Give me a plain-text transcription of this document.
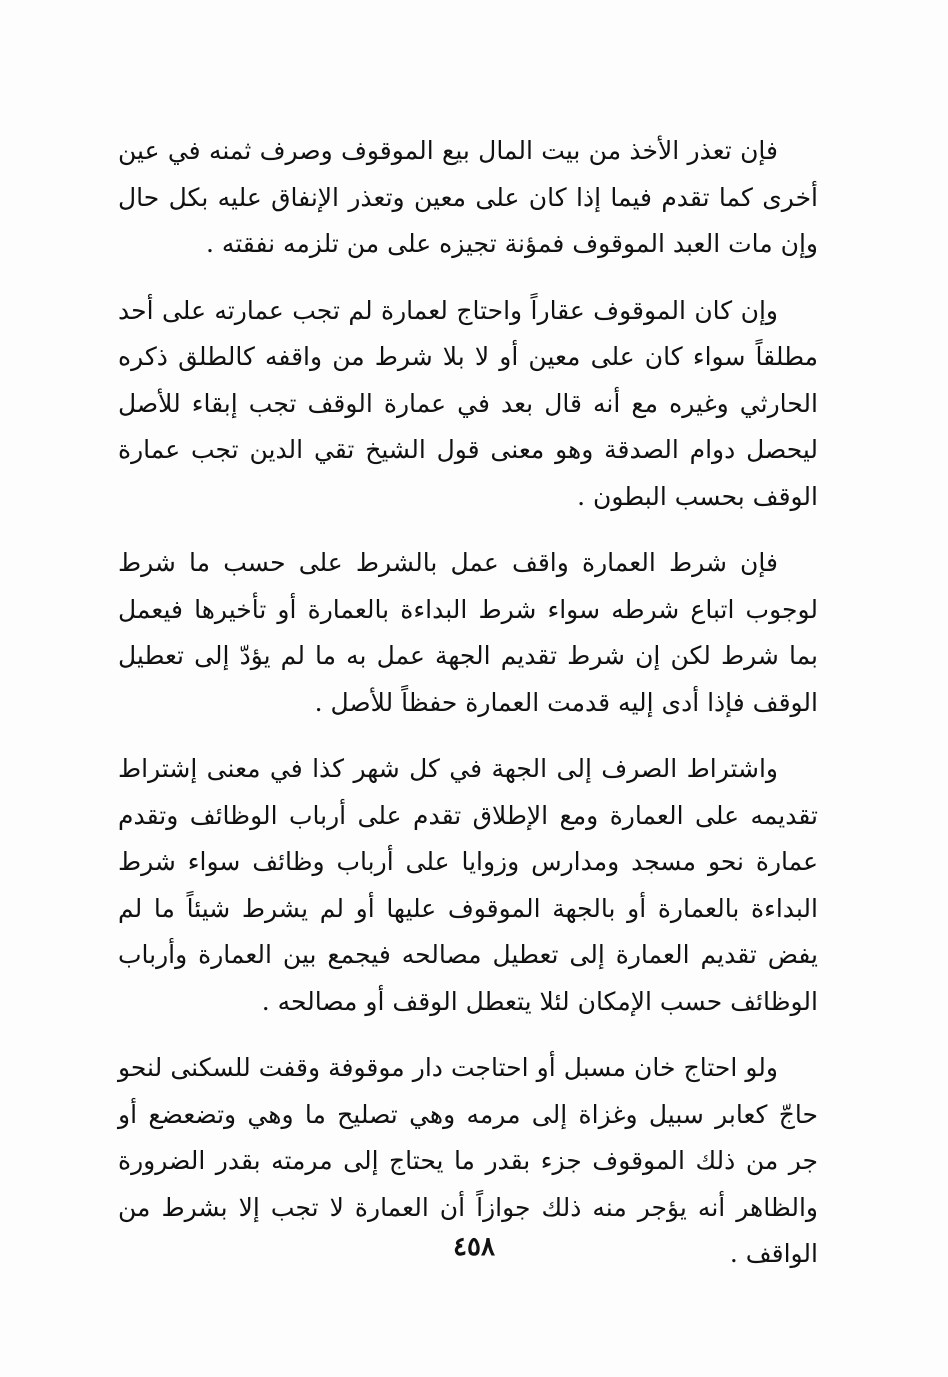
فإن تعذر الأخذ من بيت المال بيع الموقوف وصرف ثمنه في عين أخرى كما تقدم فيما إذا كان على معين وتعذر الإنفاق عليه بكل حال وإن مات العبد الموقوف فمؤنة تجيزه على من تلزمه نفقته .

وإن كان الموقوف عقاراً واحتاج لعمارة لم تجب عمارته على أحد مطلقاً سواء كان على معين أو لا بلا شرط من واقفه كالطلق ذكره الحارثي وغيره مع أنه قال بعد في عمارة الوقف تجب إبقاء للأصل ليحصل دوام الصدقة وهو معنى قول الشيخ تقي الدين تجب عمارة الوقف بحسب البطون .

فإن شرط العمارة واقف عمل بالشرط على حسب ما شرط لوجوب اتباع شرطه سواء شرط البداءة بالعمارة أو تأخيرها فيعمل بما شرط لكن إن شرط تقديم الجهة عمل به ما لم يؤدّ إلى تعطيل الوقف فإذا أدى إليه قدمت العمارة حفظاً للأصل .

واشتراط الصرف إلى الجهة في كل شهر كذا في معنى إشتراط تقديمه على العمارة ومع الإطلاق تقدم على أرباب الوظائف وتقدم عمارة نحو مسجد ومدارس وزوايا على أرباب وظائف سواء شرط البداءة بالعمارة أو بالجهة الموقوف عليها أو لم يشرط شيئاً ما لم يفض تقديم العمارة إلى تعطيل مصالحه فيجمع بين العمارة وأرباب الوظائف حسب الإمكان لئلا يتعطل الوقف أو مصالحه .

ولو احتاج خان مسبل أو احتاجت دار موقوفة وقفت للسكنى لنحو حاجّ كعابر سبيل وغزاة إلى مرمه وهي تصليح ما وهي وتضعضع أو جر من ذلك الموقوف جزء بقدر ما يحتاج إلى مرمته بقدر الضرورة والظاهر أنه يؤجر منه ذلك جوازاً أن العمارة لا تجب إلا بشرط من الواقف .

٤٥٨
